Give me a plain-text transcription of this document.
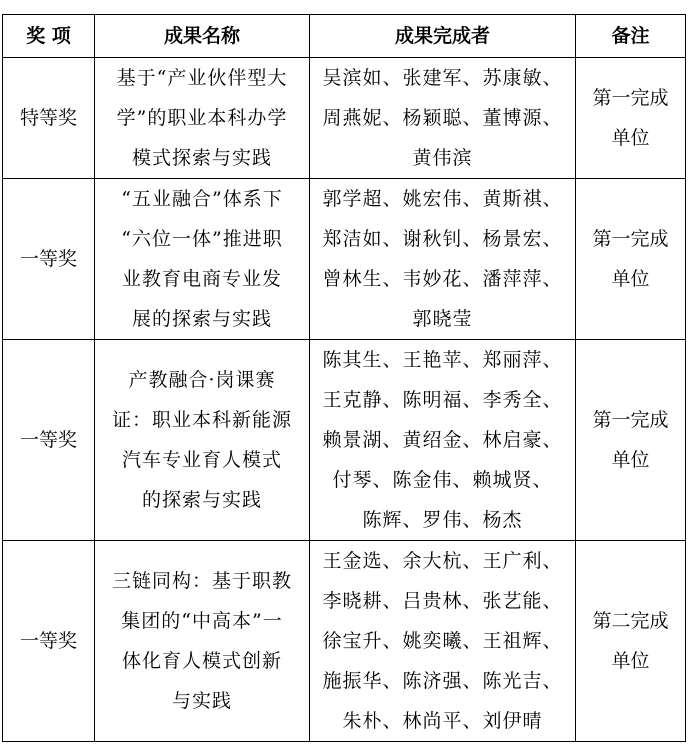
奖 项	成果名称	成果完成者	备注
特等奖	基于“产业伙伴型大
学”的职业本科办学
模式探索与实践	吴滨如、张建军、苏康敏、
周燕妮、杨颖聪、董博源、
黄伟滨	第一完成
单位

一等奖	“五业融合”体系下
“六位一体”推进职
业教育电商专业发
展的探索与实践	郭学超、姚宏伟、黄斯祺、
郑洁如、谢秋钊、杨景宏、
曾林生、韦妙花、潘萍萍、
郭晓莹	第一完成
单位

一等奖	产教融合·岗课赛
证：职业本科新能源
汽车专业育人模式
的探索与实践	陈其生、王艳苹、郑丽萍、
王克静、陈明福、李秀全、
赖景湖、黄绍金、林启豪、
付琴、陈金伟、赖城贤、
陈辉、罗伟、杨杰	第一完成
单位

一等奖	三链同构：基于职教
集团的“中高本”一
体化育人模式创新
与实践	王金选、余大杭、王广利、
李晓耕、吕贵林、张艺能、
徐宝升、姚奕曦、王祖辉、
施振华、陈济强、陈光吉、
朱朴、林尚平、刘伊晴	第二完成
单位
